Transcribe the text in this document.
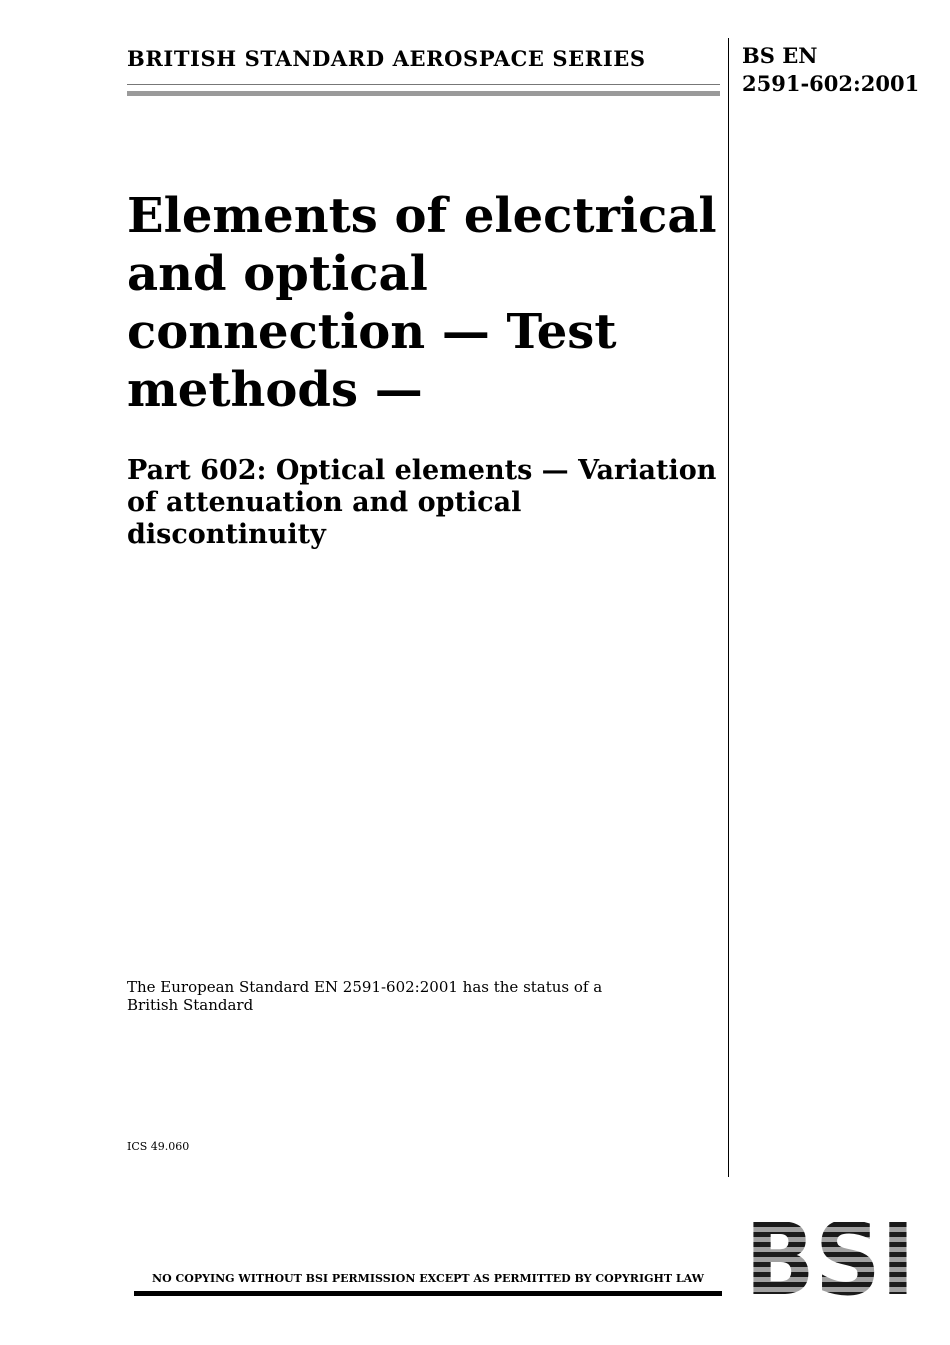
BRITISH STANDARD AEROSPACE SERIES	BS EN
2591-602:2001
Elements of electrical and optical connection — Test methods —
Part 602: Optical elements — Variation of attenuation and optical discontinuity
The European Standard EN 2591-602:2001 has the status of a British Standard
ICS 49.060
NO COPYING WITHOUT BSI PERMISSION EXCEPT AS PERMITTED BY COPYRIGHT LAW
